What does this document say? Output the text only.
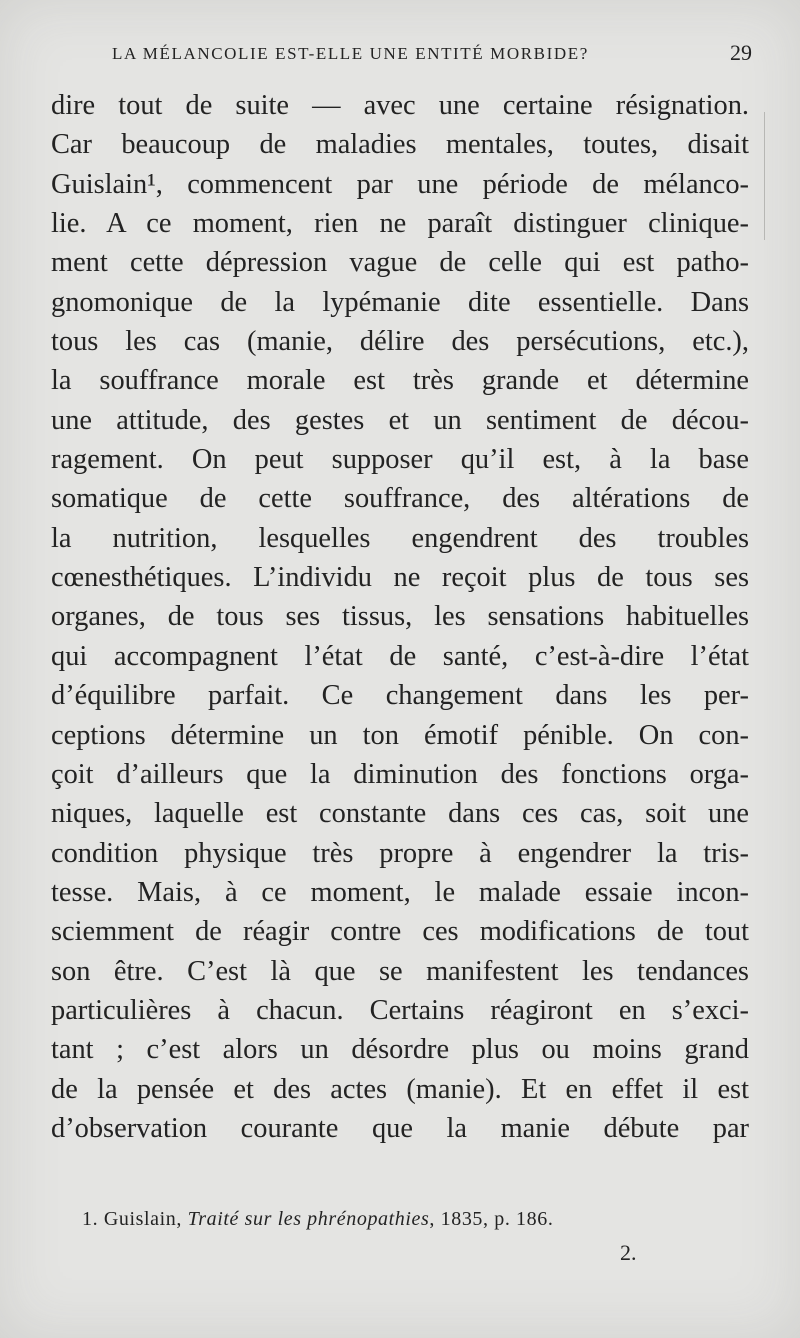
LA MÉLANCOLIE EST-ELLE UNE ENTITÉ MORBIDE?	29
dire tout de suite — avec une certaine résignation.
Car beaucoup de maladies mentales, toutes, disait
Guislain¹, commencent par une période de mélanco-
lie. A ce moment, rien ne paraît distinguer clinique-
ment cette dépression vague de celle qui est patho-
gnomonique de la lypémanie dite essentielle. Dans
tous les cas (manie, délire des persécutions, etc.),
la souffrance morale est très grande et détermine
une attitude, des gestes et un sentiment de décou-
ragement. On peut supposer qu’il est, à la base
somatique de cette souffrance, des altérations de
la nutrition, lesquelles engendrent des troubles
cœnesthétiques. L’individu ne reçoit plus de tous ses
organes, de tous ses tissus, les sensations habituelles
qui accompagnent l’état de santé, c’est-à-dire l’état
d’équilibre parfait. Ce changement dans les per-
ceptions détermine un ton émotif pénible. On con-
çoit d’ailleurs que la diminution des fonctions orga-
niques, laquelle est constante dans ces cas, soit une
condition physique très propre à engendrer la tris-
tesse. Mais, à ce moment, le malade essaie incon-
sciemment de réagir contre ces modifications de tout
son être. C’est là que se manifestent les tendances
particulières à chacun. Certains réagiront en s’exci-
tant ; c’est alors un désordre plus ou moins grand
de la pensée et des actes (manie). Et en effet il est
d’observation courante que la manie débute par
1. Guislain, Traité sur les phrénopathies, 1835, p. 186.
2.
